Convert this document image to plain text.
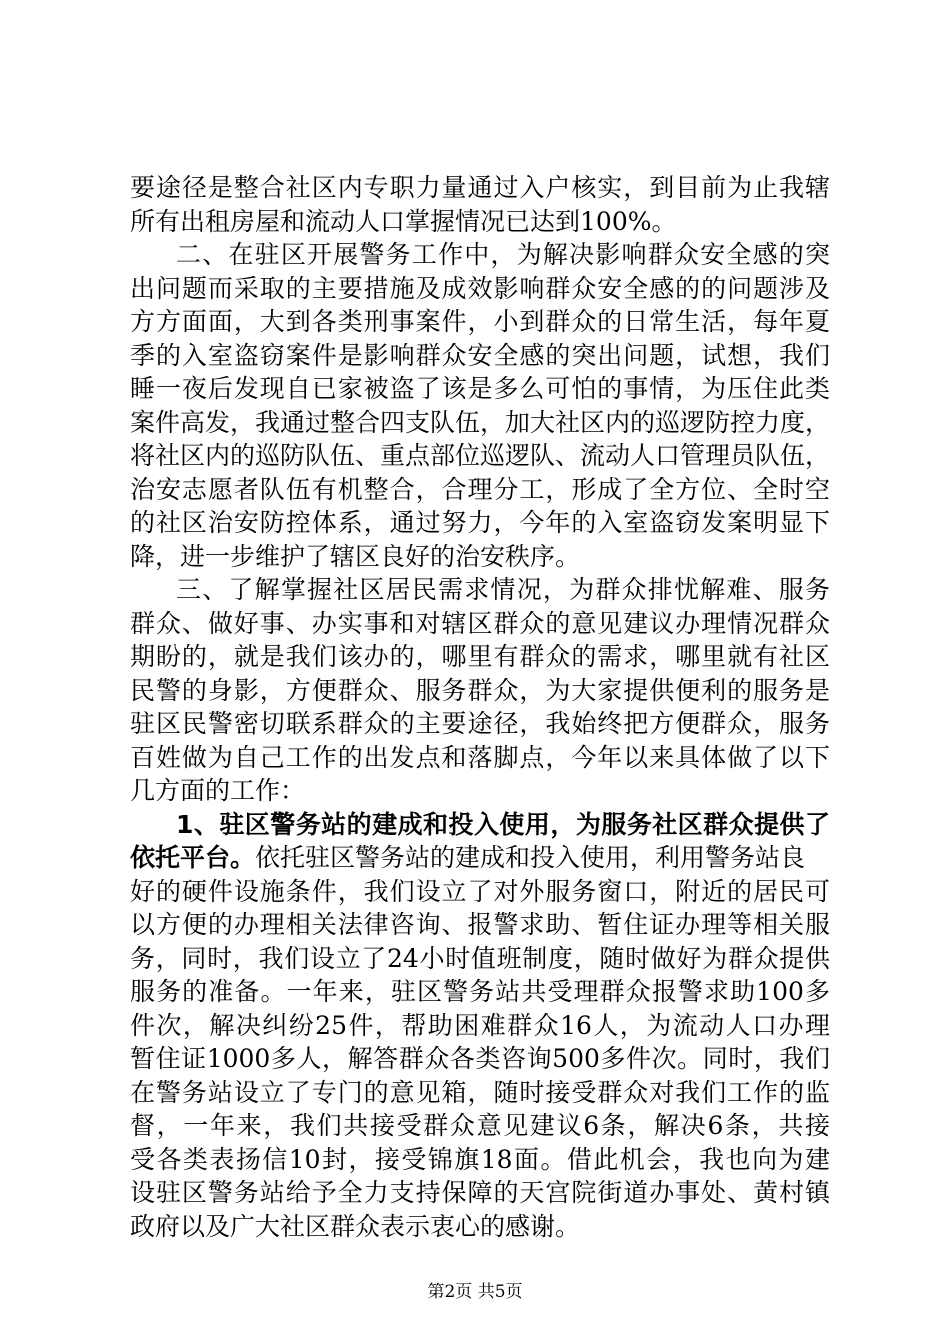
要途径是整合社区内专职力量通过入户核实，到目前为止我辖
所有出租房屋和流动人口掌握情况已达到100%。
二、在驻区开展警务工作中，为解决影响群众安全感的突
出问题而采取的主要措施及成效影响群众安全感的的问题涉及
方方面面，大到各类刑事案件，小到群众的日常生活，每年夏
季的入室盗窃案件是影响群众安全感的突出问题，试想，我们
睡一夜后发现自已家被盗了该是多么可怕的事情，为压住此类
案件高发，我通过整合四支队伍，加大社区内的巡逻防控力度，
将社区内的巡防队伍、重点部位巡逻队、流动人口管理员队伍，
治安志愿者队伍有机整合，合理分工，形成了全方位、全时空
的社区治安防控体系，通过努力，今年的入室盗窃发案明显下
降，进一步维护了辖区良好的治安秩序。
三、了解掌握社区居民需求情况，为群众排忧解难、服务
群众、做好事、办实事和对辖区群众的意见建议办理情况群众
期盼的，就是我们该办的，哪里有群众的需求，哪里就有社区
民警的身影，方便群众、服务群众，为大家提供便利的服务是
驻区民警密切联系群众的主要途径，我始终把方便群众，服务
百姓做为自己工作的出发点和落脚点，今年以来具体做了以下
几方面的工作：
1、驻区警务站的建成和投入使用，为服务社区群众提供了
依托平台。依托驻区警务站的建成和投入使用，利用警务站良
好的硬件设施条件，我们设立了对外服务窗口，附近的居民可
以方便的办理相关法律咨询、报警求助、暂住证办理等相关服
务，同时，我们设立了24小时值班制度，随时做好为群众提供
服务的准备。一年来，驻区警务站共受理群众报警求助100多
件次，解决纠纷25件，帮助困难群众16人，为流动人口办理
暂住证1000多人，解答群众各类咨询500多件次。同时，我们
在警务站设立了专门的意见箱，随时接受群众对我们工作的监
督，一年来，我们共接受群众意见建议6条，解决6条，共接
受各类表扬信10封，接受锦旗18面。借此机会，我也向为建
设驻区警务站给予全力支持保障的天宫院街道办事处、黄村镇
政府以及广大社区群众表示衷心的感谢。
第2页 共5页
